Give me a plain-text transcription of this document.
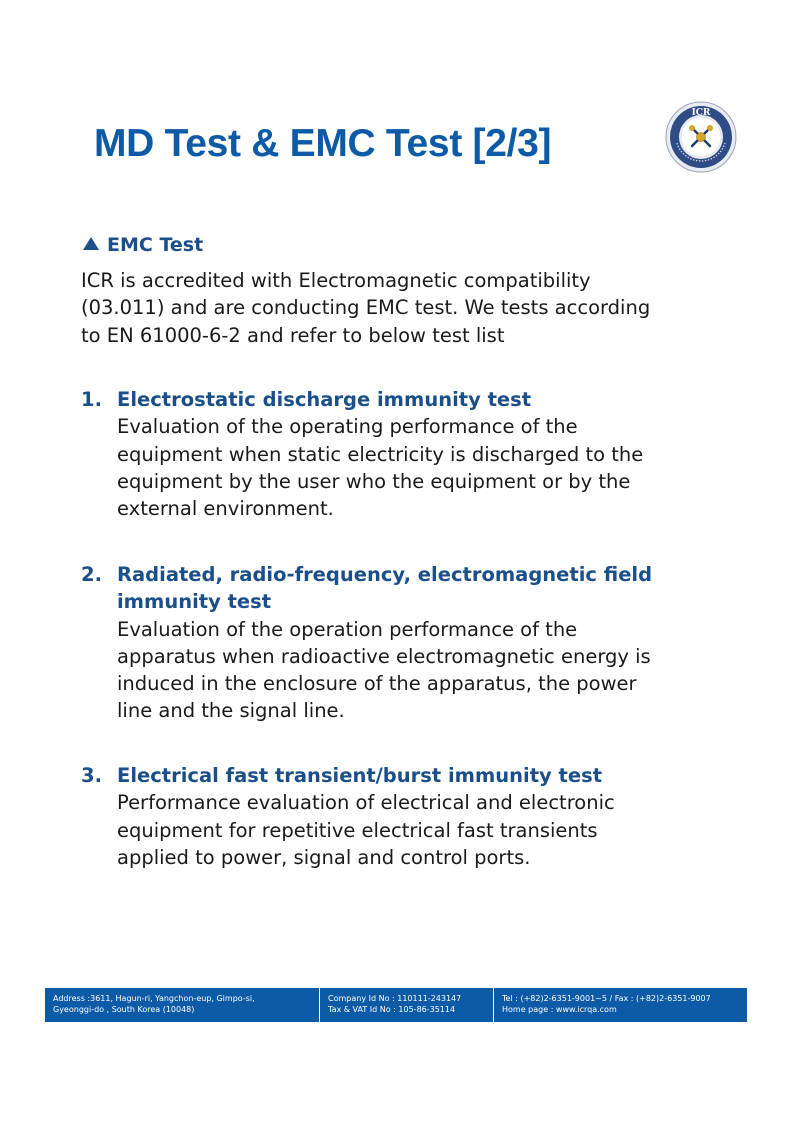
MD Test & EMC Test [2/3]
ICR
EMC Test

ICR is accredited with Electromagnetic compatibility
(03.011) and are conducting EMC test. We tests according
to EN 61000-6-2 and refer to below test list

1. Electrostatic discharge immunity test

Evaluation of the operating performance of the
equipment when static electricity is discharged to the
equipment by the user who the equipment or by the
external environment.

2. Radiated, radio-frequency, electromagnetic field
immunity test

Evaluation of the operation performance of the
apparatus when radioactive electromagnetic energy is
induced in the enclosure of the apparatus, the power
line and the signal line.

3. Electrical fast transient/burst immunity test

Performance evaluation of electrical and electronic
equipment for repetitive electrical fast transients
applied to power, signal and control ports.

Address :3611, Hagun-ri, Yangchon-eup, Gimpo-si,
Gyeonggi-do , South Korea (10048)
Company Id No : 110111-243147
Tax & VAT Id No : 105-86-35114
Tel : (+82)2-6351-9001~5 / Fax : (+82)2-6351-9007
Home page : www.icrqa.com
